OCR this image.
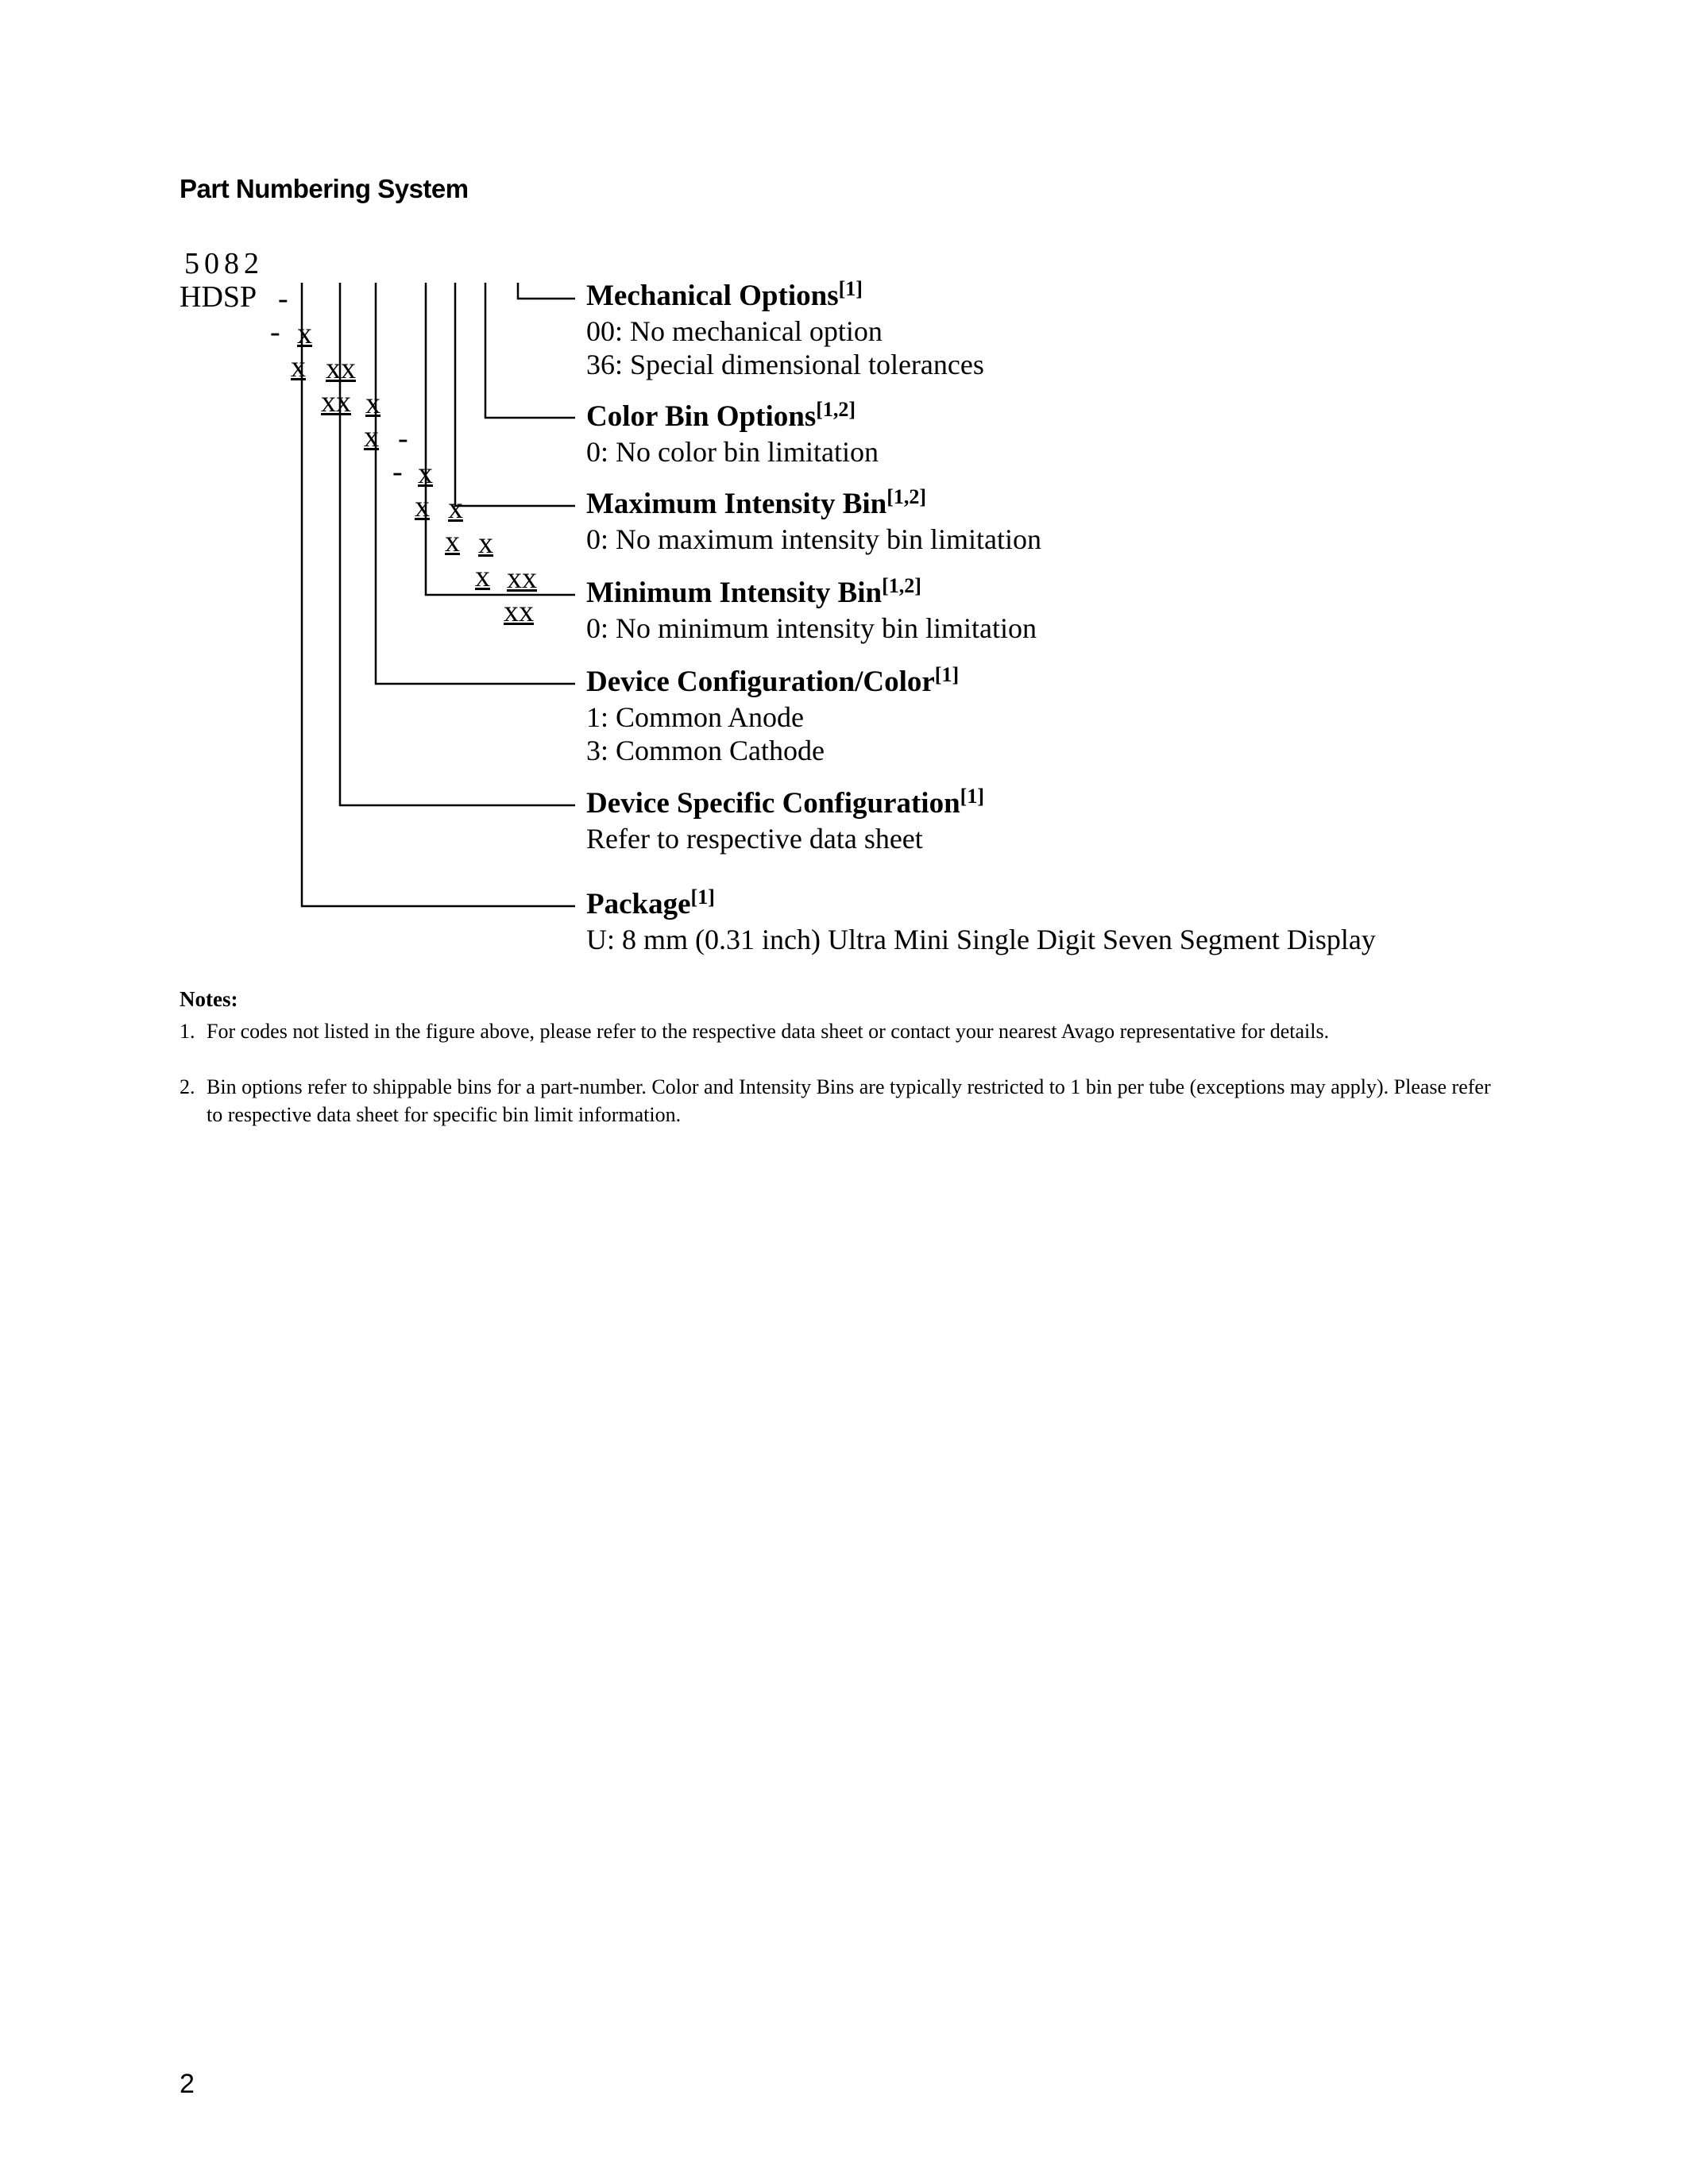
Part Numbering System

5082

-

x

xx

x

-

x

x

x

xx

HDSP

-

x

xx

x

-

x

x

x

xx

Mechanical Options[1]
00: No mechanical option
36: Special dimensional tolerances
Color Bin Options[1,2]
0: No color bin limitation
Maximum Intensity Bin[1,2]
0: No maximum intensity bin limitation
Minimum Intensity Bin[1,2]
0: No minimum intensity bin limitation
Device Configuration/Color[1]
1: Common Anode
3: Common Cathode
Device Specific Configuration[1]
Refer to respective data sheet
Package[1]
U: 8 mm (0.31 inch) Ultra Mini Single Digit Seven Segment Display
Notes:
1. For codes not listed in the figure above, please refer to the respective data sheet or contact your nearest Avago representative for details.
2. Bin options refer to shippable bins for a part-number. Color and Intensity Bins are typically restricted to 1 bin per tube (exceptions may apply). Please refer to respective data sheet for specific bin limit information.
2
